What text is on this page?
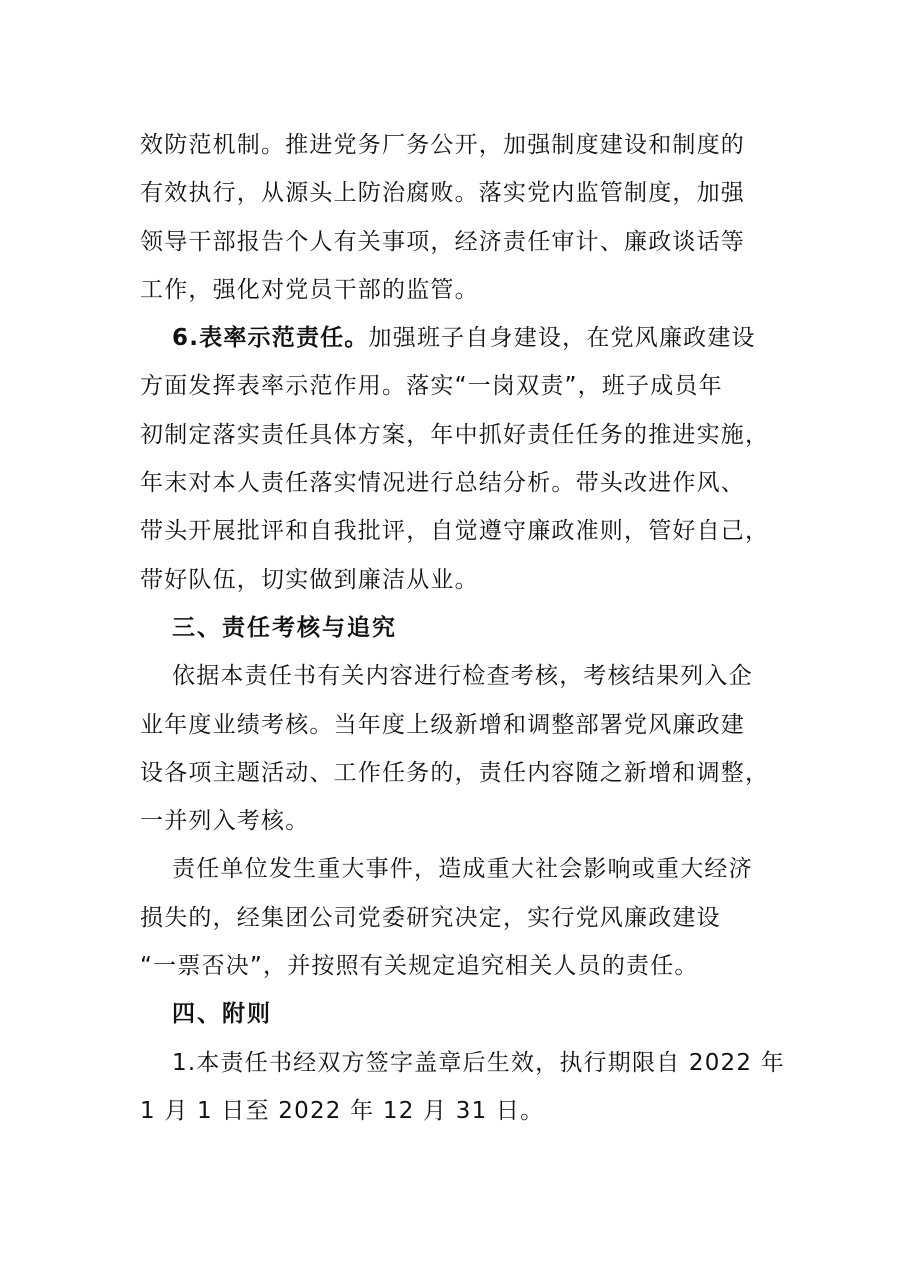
效防范机制。推进党务厂务公开，加强制度建设和制度的
有效执行，从源头上防治腐败。落实党内监管制度，加强
领导干部报告个人有关事项，经济责任审计、廉政谈话等
工作，强化对党员干部的监管。
6.表率示范责任。加强班子自身建设，在党风廉政建设
方面发挥表率示范作用。落实“一岗双责”，班子成员年
初制定落实责任具体方案，年中抓好责任任务的推进实施，
年末对本人责任落实情况进行总结分析。带头改进作风、
带头开展批评和自我批评，自觉遵守廉政准则，管好自己，
带好队伍，切实做到廉洁从业。
三、责任考核与追究
依据本责任书有关内容进行检查考核，考核结果列入企
业年度业绩考核。当年度上级新增和调整部署党风廉政建
设各项主题活动、工作任务的，责任内容随之新增和调整，
一并列入考核。
责任单位发生重大事件，造成重大社会影响或重大经济
损失的，经集团公司党委研究决定，实行党风廉政建设
“一票否决”，并按照有关规定追究相关人员的责任。
四、附则
1.本责任书经双方签字盖章后生效，执行期限自 2022 年
1 月 1 日至 2022 年 12 月 31 日。
